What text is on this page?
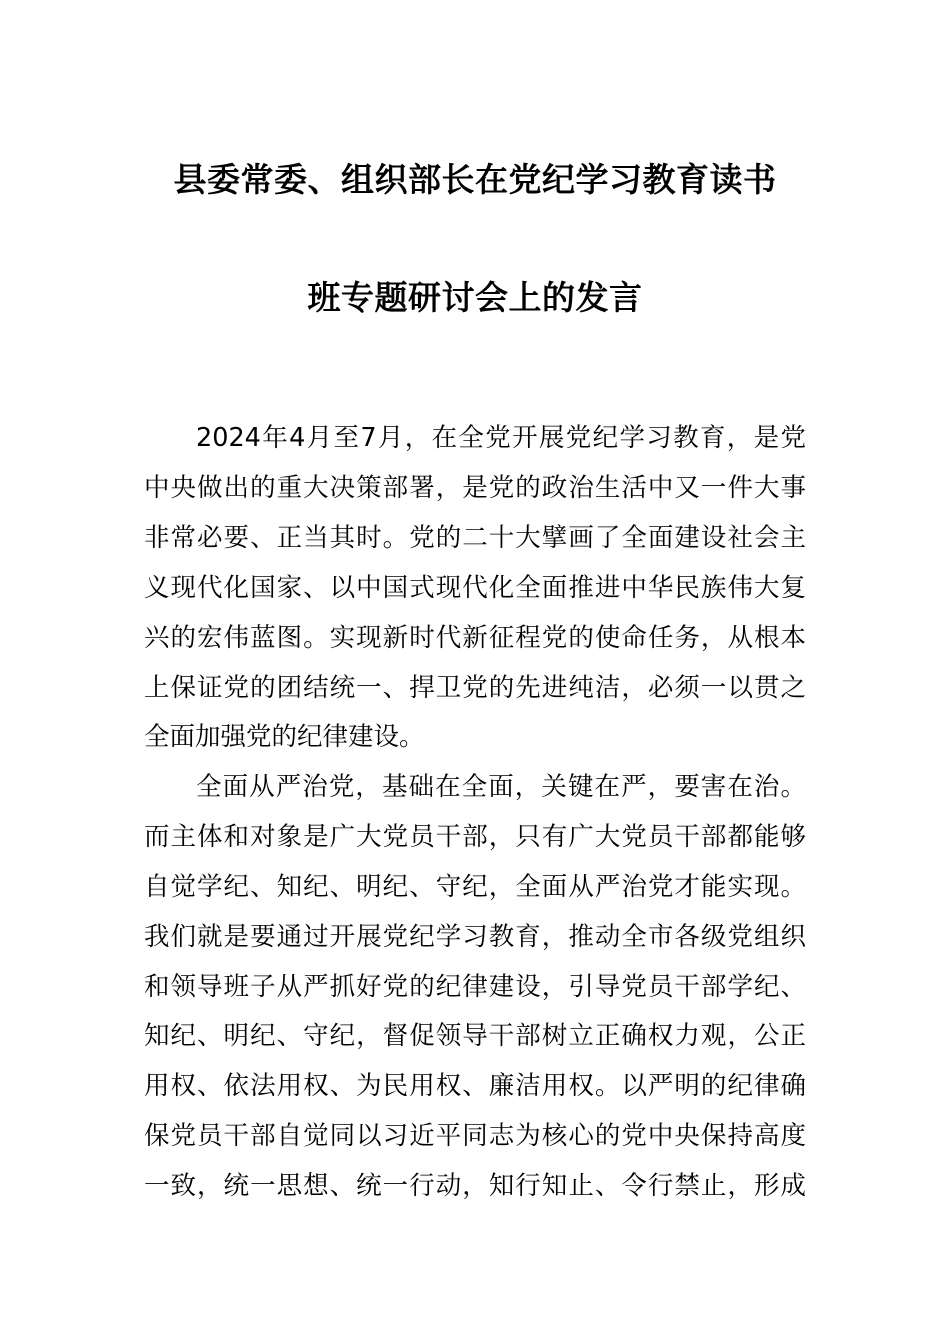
县委常委、组织部长在党纪学习教育读书
班专题研讨会上的发言
2024年4月至7月，在全党开展党纪学习教育，是党
中央做出的重大决策部署，是党的政治生活中又一件大事
非常必要、正当其时。党的二十大擘画了全面建设社会主
义现代化国家、以中国式现代化全面推进中华民族伟大复
兴的宏伟蓝图。实现新时代新征程党的使命任务，从根本
上保证党的团结统一、捍卫党的先进纯洁，必须一以贯之
全面加强党的纪律建设。
全面从严治党，基础在全面，关键在严，要害在治。
而主体和对象是广大党员干部，只有广大党员干部都能够
自觉学纪、知纪、明纪、守纪，全面从严治党才能实现。
我们就是要通过开展党纪学习教育，推动全市各级党组织
和领导班子从严抓好党的纪律建设，引导党员干部学纪、
知纪、明纪、守纪，督促领导干部树立正确权力观，公正
用权、依法用权、为民用权、廉洁用权。以严明的纪律确
保党员干部自觉同以习近平同志为核心的党中央保持高度
一致，统一思想、统一行动，知行知止、令行禁止，形成
